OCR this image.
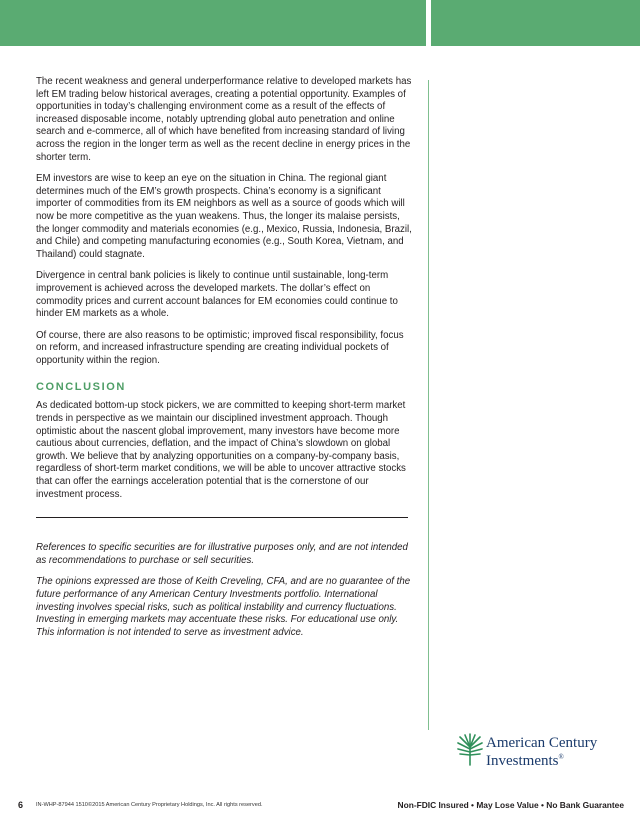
The recent weakness and general underperformance relative to developed markets has left EM trading below historical averages, creating a potential opportunity. Examples of opportunities in today’s challenging environment come as a result of the effects of increased disposable income, notably uptrending global auto penetration and online search and e-commerce, all of which have benefited from increasing standard of living across the region in the longer term as well as the recent decline in energy prices in the shorter term.

EM investors are wise to keep an eye on the situation in China. The regional giant determines much of the EM’s growth prospects. China’s economy is a significant importer of commodities from its EM neighbors as well as a source of goods which will now be more competitive as the yuan weakens. Thus, the longer its malaise persists, the longer commodity and materials economies (e.g., Mexico, Russia, Indonesia, Brazil, and Chile) and competing manufacturing economies (e.g., South Korea, Vietnam, and Thailand) could stagnate.

Divergence in central bank policies is likely to continue until sustainable, long-term improvement is achieved across the developed markets. The dollar’s effect on commodity prices and current account balances for EM economies could continue to hinder EM markets as a whole.

Of course, there are also reasons to be optimistic; improved fiscal responsibility, focus on reform, and increased infrastructure spending are creating individual pockets of opportunity within the region.

CONCLUSION

As dedicated bottom-up stock pickers, we are committed to keeping short-term market trends in perspective as we maintain our disciplined investment approach. Though optimistic about the nascent global improvement, many investors have become more cautious about currencies, deflation, and the impact of China’s slowdown on global growth. We believe that by analyzing opportunities on a company-by-company basis, regardless of short-term market conditions, we will be able to uncover attractive stocks that can offer the earnings acceleration potential that is the cornerstone of our investment process.

References to specific securities are for illustrative purposes only, and are not intended as recommendations to purchase or sell securities.

The opinions expressed are those of Keith Creveling, CFA, and are no guarantee of the future performance of any American Century Investments portfolio. International investing involves special risks, such as political instability and currency fluctuations. Investing in emerging markets may accentuate these risks. For educational use only. This information is not intended to serve as investment advice.

American Century
Investments®
6 IN-WHP-87944 1510 ©2015 American Century Proprietary Holdings, Inc. All rights reserved.	Non-FDIC Insured • May Lose Value • No Bank Guarantee
